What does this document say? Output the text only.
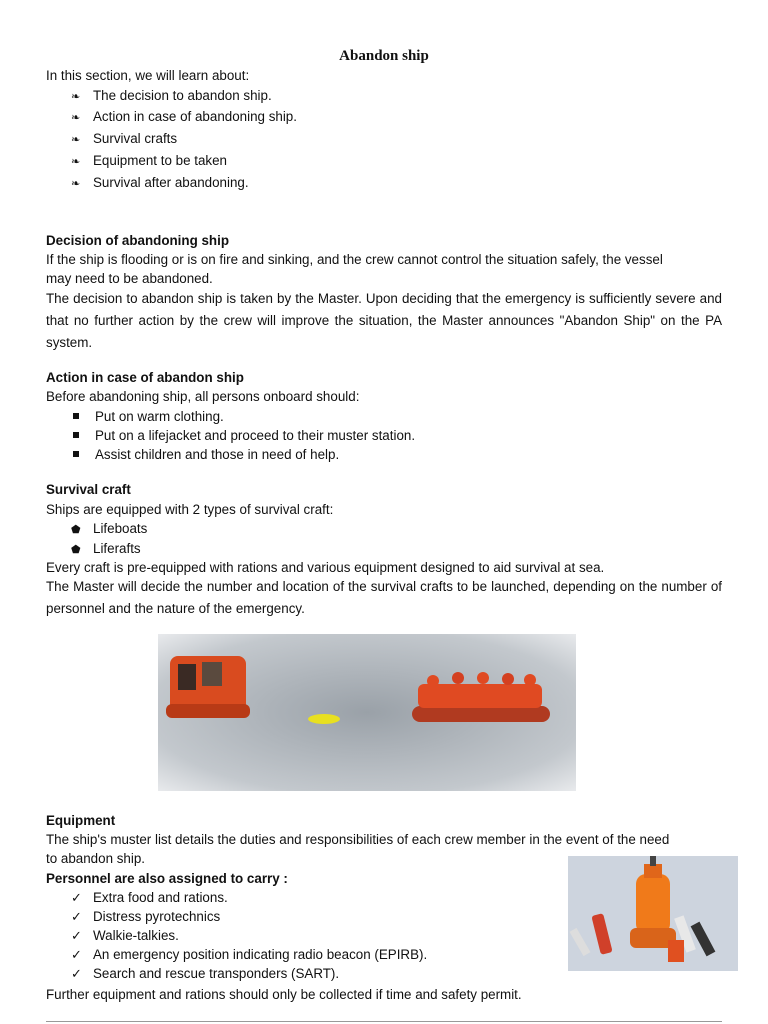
Abandon ship
In this section, we will learn about:
❧ The decision to abandon ship.
❧ Action in case of abandoning ship.
❧ Survival crafts
❧ Equipment to be taken
❧ Survival after abandoning.
Decision of abandoning ship
If the ship is flooding or is on fire and sinking, and the crew cannot control the situation safely, the vessel
may need to be abandoned.
The decision to abandon ship is taken by the Master. Upon deciding that the emergency is sufficiently severe and that no further action by the crew will improve the situation, the Master announces "Abandon Ship" on the PA system.
Action in case of abandon ship
Before abandoning ship, all persons onboard should:
Put on warm clothing.
Put on a lifejacket and proceed to their muster station.
Assist children and those in need of help.
Survival craft
Ships are equipped with 2 types of survival craft:
⬟ Lifeboats
⬟ Liferafts
Every craft is pre-equipped with rations and various equipment designed to aid survival at sea.
The Master will decide the number and location of the survival crafts to be launched, depending on the number of personnel and the nature of the emergency.
Equipment
The ship's muster list details the duties and responsibilities of each crew member in the event of the need
to abandon ship.
Personnel are also assigned to carry :
✓ Extra food and rations.
✓ Distress pyrotechnics
✓ Walkie-talkies.
✓ An emergency position indicating radio beacon (EPIRB).
✓ Search and rescue transponders (SART).
Further equipment and rations should only be collected if time and safety permit.
